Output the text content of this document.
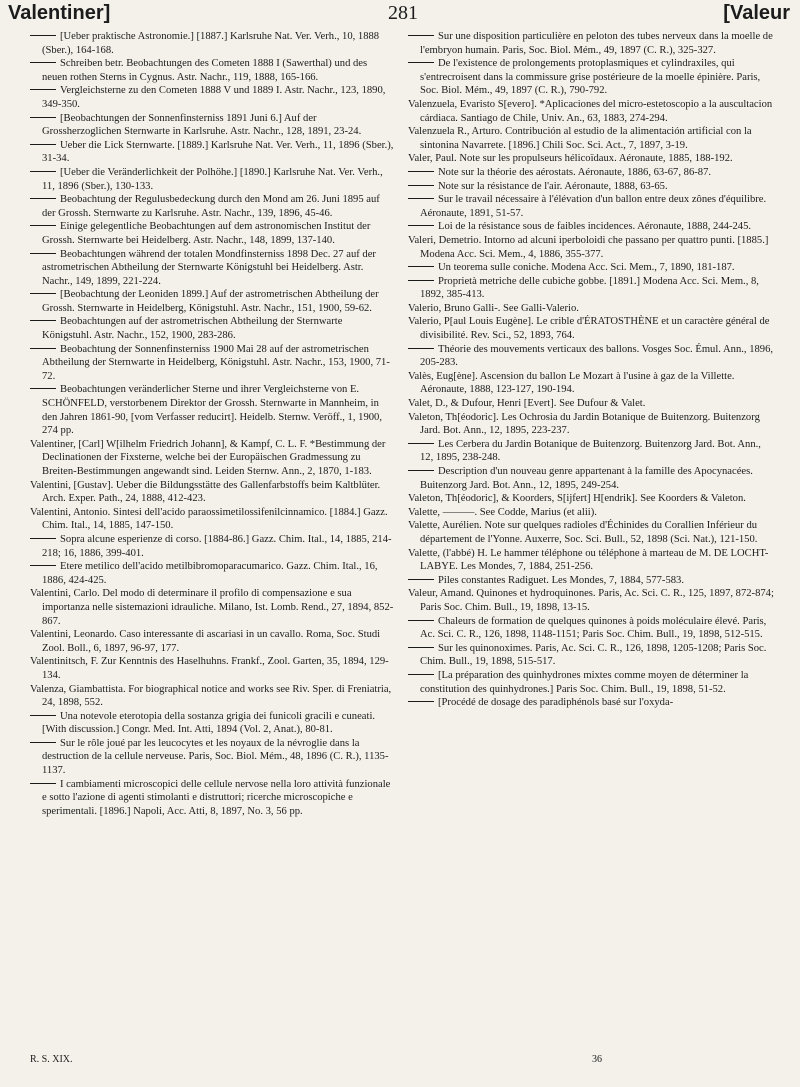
Valentiner]	281	[Valeur

[Ueber praktische Astronomie.] [1887.] Karlsruhe Nat. Ver. Verh., 10, 1888 (Sber.), 164-168.

Schreiben betr. Beobachtungen des Cometen 1888 I (Sawerthal) und des neuen rothen Sterns in Cygnus. Astr. Nachr., 119, 1888, 165-166.

Vergleichsterne zu den Cometen 1888 V und 1889 I. Astr. Nachr., 123, 1890, 349-350.

[Beobachtungen der Sonnenfinsterniss 1891 Juni 6.] Auf der Grossherzoglichen Sternwarte in Karlsruhe. Astr. Nachr., 128, 1891, 23-24.

Ueber die Lick Sternwarte. [1889.] Karlsruhe Nat. Ver. Verh., 11, 1896 (Sber.), 31-34.

[Ueber die Veränderlichkeit der Polhöhe.] [1890.] Karlsruhe Nat. Ver. Verh., 11, 1896 (Sber.), 130-133.

Beobachtung der Regulusbedeckung durch den Mond am 26. Juni 1895 auf der Grossh. Sternwarte zu Karlsruhe. Astr. Nachr., 139, 1896, 45-46.

Einige gelegentliche Beobachtungen auf dem astronomischen Institut der Grossh. Sternwarte bei Heidelberg. Astr. Nachr., 148, 1899, 137-140.

Beobachtungen während der totalen Mondfinsterniss 1898 Dec. 27 auf der astrometrischen Abtheilung der Sternwarte Königstuhl bei Heidelberg. Astr. Nachr., 149, 1899, 221-224.

[Beobachtung der Leoniden 1899.] Auf der astrometrischen Abtheilung der Grossh. Sternwarte in Heidelberg, Königstuhl. Astr. Nachr., 151, 1900, 59-62.

Beobachtungen auf der astrometrischen Abtheilung der Sternwarte Königstuhl. Astr. Nachr., 152, 1900, 283-286.

Beobachtung der Sonnenfinsterniss 1900 Mai 28 auf der astrometrischen Abtheilung der Sternwarte in Heidelberg, Königstuhl. Astr. Nachr., 153, 1900, 71-72.

Beobachtungen veränderlicher Sterne und ihrer Vergleichsterne von E. SCHÖNFELD, verstorbenem Direktor der Grossh. Sternwarte in Mannheim, in den Jahren 1861-90, [vom Verfasser reducirt]. Heidelb. Sternw. Veröff., 1, 1900, 274 pp.

Valentiner, [Carl] W[ilhelm Friedrich Johann], & Kampf, C. L. F. *Bestimmung der Declinationen der Fixsterne, welche bei der Europäischen Gradmessung zu Breiten-Bestimmungen angewandt sind. Leiden Sternw. Ann., 2, 1870, 1-183.

Valentini, [Gustav]. Ueber die Bildungsstätte des Gallenfarbstoffs beim Kaltblüter. Arch. Exper. Path., 24, 1888, 412-423.

Valentini, Antonio. Sintesi dell'acido paraossimetilossifenilcinnamico. [1884.] Gazz. Chim. Ital., 14, 1885, 147-150.

Sopra alcune esperienze di corso. [1884-86.] Gazz. Chim. Ital., 14, 1885, 214-218; 16, 1886, 399-401.

Etere metilico dell'acido metilbibromoparacumarico. Gazz. Chim. Ital., 16, 1886, 424-425.

Valentini, Carlo. Del modo di determinare il profilo di compensazione e sua importanza nelle sistemazioni idrauliche. Milano, Ist. Lomb. Rend., 27, 1894, 852-867.

Valentini, Leonardo. Caso interessante di ascariasi in un cavallo. Roma, Soc. Studi Zool. Boll., 6, 1897, 96-97, 177.

Valentinitsch, F. Zur Kenntnis des Haselhuhns. Frankf., Zool. Garten, 35, 1894, 129-134.

Valenza, Giambattista. For biographical notice and works see Riv. Sper. di Freniatria, 24, 1898, 552.

Una notevole eterotopia della sostanza grigia dei funicoli gracili e cuneati. [With discussion.] Congr. Med. Int. Atti, 1894 (Vol. 2, Anat.), 80-81.

Sur le rôle joué par les leucocytes et les noyaux de la névroglie dans la destruction de la cellule nerveuse. Paris, Soc. Biol. Mém., 48, 1896 (C. R.), 1135-1137.

I cambiamenti microscopici delle cellule nervose nella loro attività funzionale e sotto l'azione di agenti stimolanti e distruttori; ricerche microscopiche e sperimentali. [1896.] Napoli, Acc. Atti, 8, 1897, No. 3, 56 pp.

Sur une disposition particulière en peloton des tubes nerveux dans la moelle de l'embryon humain. Paris, Soc. Biol. Mém., 49, 1897 (C. R.), 325-327.

De l'existence de prolongements protoplasmiques et cylindraxiles, qui s'entrecroisent dans la commissure grise postérieure de la moelle épinière. Paris, Soc. Biol. Mém., 49, 1897 (C. R.), 790-792.

Valenzuela, Evaristo S[evero]. *Aplicaciones del micro-estetoscopio a la auscultacion cárdiaca. Santiago de Chile, Univ. An., 63, 1883, 274-294.

Valenzuela R., Arturo. Contribución al estudio de la alimentación artificial con la sintonina Navarrete. [1896.] Chili Soc. Sci. Act., 7, 1897, 3-19.

Valer, Paul. Note sur les propulseurs hélicoïdaux. Aéronaute, 1885, 188-192.

Note sur la théorie des aérostats. Aéronaute, 1886, 63-67, 86-87.

Note sur la résistance de l'air. Aéronaute, 1888, 63-65.

Sur le travail nécessaire à l'élévation d'un ballon entre deux zônes d'équilibre. Aéronaute, 1891, 51-57.

Loi de la résistance sous de faibles incidences. Aéronaute, 1888, 244-245.

Valeri, Demetrio. Intorno ad alcuni iperboloidi che passano per quattro punti. [1885.] Modena Acc. Sci. Mem., 4, 1886, 355-377.

Un teorema sulle coniche. Modena Acc. Sci. Mem., 7, 1890, 181-187.

Proprietà metriche delle cubiche gobbe. [1891.] Modena Acc. Sci. Mem., 8, 1892, 385-413.

Valerio, Bruno Galli-. See Galli-Valerio.

Valerio, P[aul Louis Eugène]. Le crible d'ÉRATOSTHÈNE et un caractère général de divisibilité. Rev. Sci., 52, 1893, 764.

Théorie des mouvements verticaux des ballons. Vosges Soc. Émul. Ann., 1896, 205-283.

Valès, Eug[ène]. Ascension du ballon Le Mozart à l'usine à gaz de la Villette. Aéronaute, 1888, 123-127, 190-194.

Valet, D., & Dufour, Henri [Evert]. See Dufour & Valet.

Valeton, Th[éodoric]. Les Ochrosia du Jardin Botanique de Buitenzorg. Buitenzorg Jard. Bot. Ann., 12, 1895, 223-237.

Les Cerbera du Jardin Botanique de Buitenzorg. Buitenzorg Jard. Bot. Ann., 12, 1895, 238-248.

Description d'un nouveau genre appartenant à la famille des Apocynacées. Buitenzorg Jard. Bot. Ann., 12, 1895, 249-254.

Valeton, Th[éodoric], & Koorders, S[ijfert] H[endrik]. See Koorders & Valeton.

Valette, ———. See Codde, Marius (et alii).

Valette, Aurélien. Note sur quelques radioles d'Échinides du Corallien Inférieur du département de l'Yonne. Auxerre, Soc. Sci. Bull., 52, 1898 (Sci. Nat.), 121-150.

Valette, (l'abbé) H. Le hammer téléphone ou téléphone à marteau de M. DE LOCHT-LABYE. Les Mondes, 7, 1884, 251-256.

Piles constantes Radiguet. Les Mondes, 7, 1884, 577-583.

Valeur, Amand. Quinones et hydroquinones. Paris, Ac. Sci. C. R., 125, 1897, 872-874; Paris Soc. Chim. Bull., 19, 1898, 13-15.

Chaleurs de formation de quelques quinones à poids moléculaire élevé. Paris, Ac. Sci. C. R., 126, 1898, 1148-1151; Paris Soc. Chim. Bull., 19, 1898, 512-515.

Sur les quinonoximes. Paris, Ac. Sci. C. R., 126, 1898, 1205-1208; Paris Soc. Chim. Bull., 19, 1898, 515-517.

[La préparation des quinhydrones mixtes comme moyen de déterminer la constitution des quinhydrones.] Paris Soc. Chim. Bull., 19, 1898, 51-52.

[Procédé de dosage des paradiphénols basé sur l'oxyda-

R. S. XIX.	36
